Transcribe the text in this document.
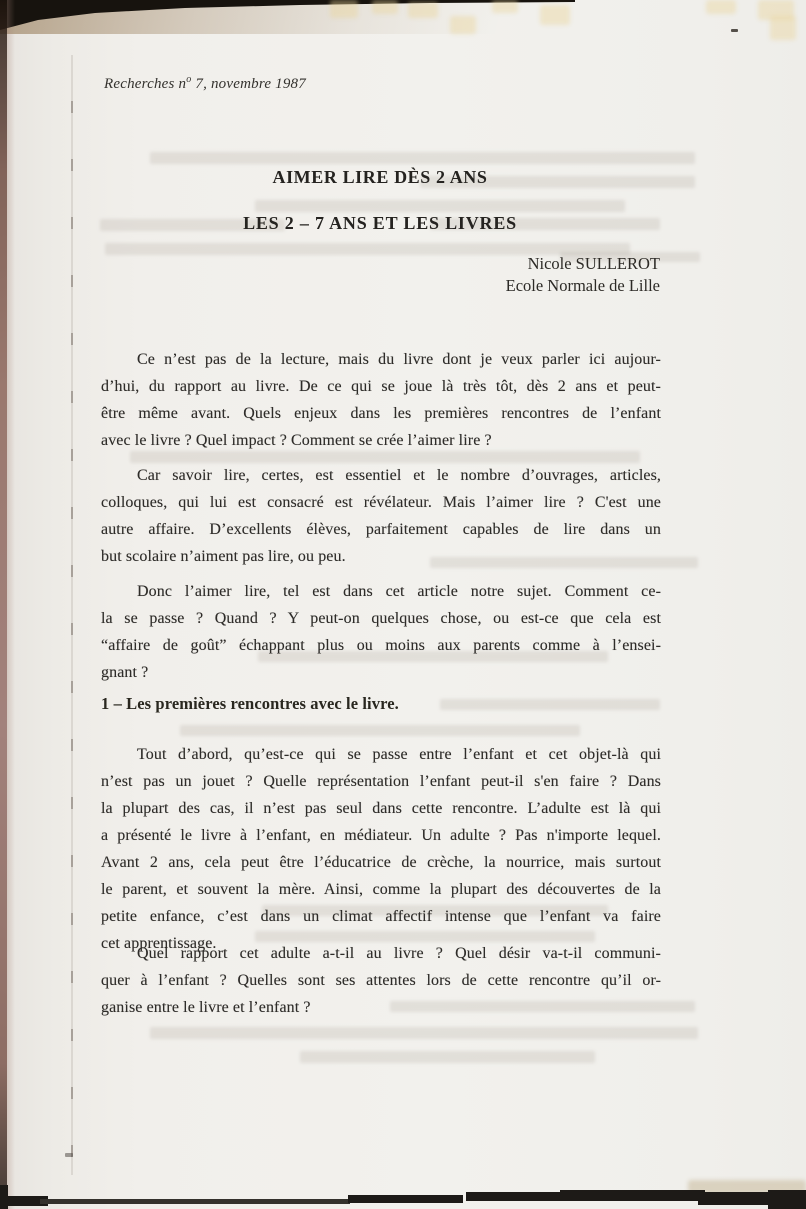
Recherches $n^o$ 7, novembre 1987
AIMER LIRE DÈS 2 ANS
LES 2 – 7 ANS ET LES LIVRES
Nicole SULLEROT
Ecole Normale de Lille
Ce n’est pas de la lecture, mais du livre dont je veux parler ici aujour-
d’hui, du rapport au livre. De ce qui se joue là très tôt, dès 2 ans et peut-
être même avant. Quels enjeux dans les premières rencontres de l’enfant
avec le livre ? Quel impact ? Comment se crée l’aimer lire ?
Car savoir lire, certes, est essentiel et le nombre d’ouvrages, articles,
colloques, qui lui est consacré est révélateur. Mais l’aimer lire ? C'est une
autre affaire. D’excellents élèves, parfaitement capables de lire dans un
but scolaire n’aiment pas lire, ou peu.
Donc l’aimer lire, tel est dans cet article notre sujet. Comment ce-
la se passe ? Quand ? Y peut-on quelques chose, ou est-ce que cela est
“affaire de goût” échappant plus ou moins aux parents comme à l’ensei-
gnant ?
1 – Les premières rencontres avec le livre.
Tout d’abord, qu’est-ce qui se passe entre l’enfant et cet objet-là qui
n’est pas un jouet ? Quelle représentation l’enfant peut-il s'en faire ? Dans
la plupart des cas, il n’est pas seul dans cette rencontre. L’adulte est là qui
a présenté le livre à l’enfant, en médiateur. Un adulte ? Pas n'importe lequel.
Avant 2 ans, cela peut être l’éducatrice de crèche, la nourrice, mais surtout
le parent, et souvent la mère. Ainsi, comme la plupart des découvertes de la
petite enfance, c’est dans un climat affectif intense que l’enfant va faire
cet apprentissage.
Quel rapport cet adulte a-t-il au livre ? Quel désir va-t-il communi-
quer à l’enfant ? Quelles sont ses attentes lors de cette rencontre qu’il or-
ganise entre le livre et l’enfant ?
